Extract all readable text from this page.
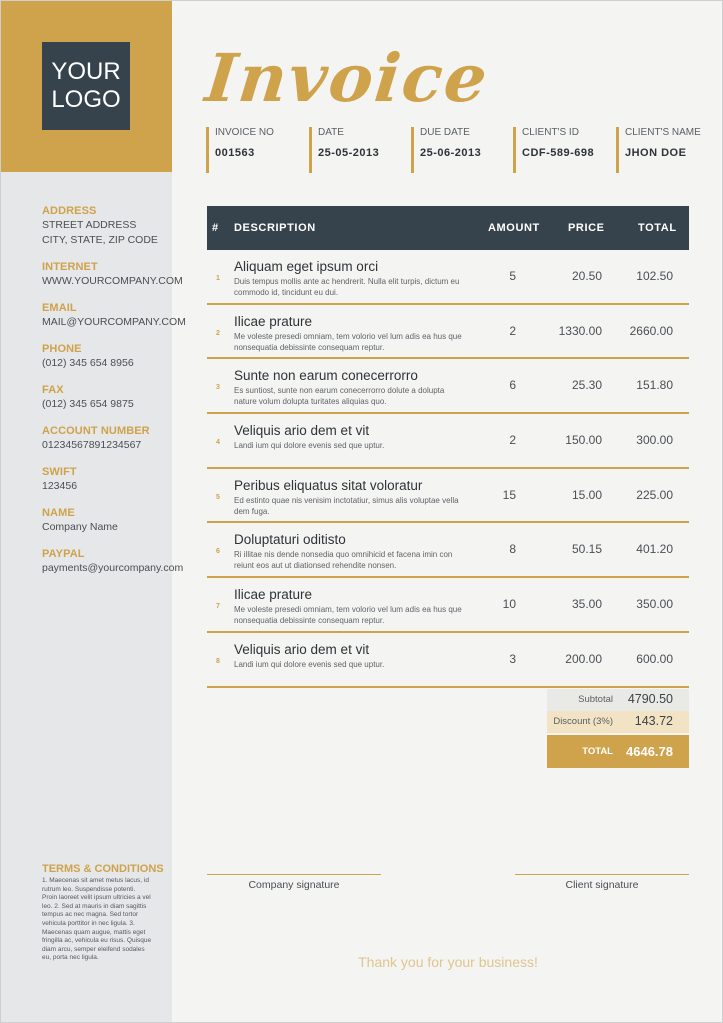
YOUR
LOGO
ADDRESS
STREET ADDRESS
CITY, STATE, ZIP CODE
INTERNET
WWW.YOURCOMPANY.COM
EMAIL
MAIL@YOURCOMPANY.COM
PHONE
(012) 345 654 8956
FAX
(012) 345 654 9875
ACCOUNT NUMBER
0123456789123456​7
SWIFT
123456
NAME
Company Name
PAYPAL
payments@yourcompany.com
TERMS & CONDITIONS
1. Maecenas sit amet metus lacus, id rutrum leo. Suspendisse potenti. Proin laoreet velit ipsum ultricies a vel leo. 2. Sed at mauris in diam sagittis tempus ac nec magna. Sed tortor vehicula porttitor in nec ligula. 3. Maecenas quam augue, mattis eget fringilla ac, vehicula eu risus. Quisque diam arcu, semper eleifend sodales eu, porta nec ligula.
Invoice
INVOICE NO
001563
DATE
25-05-2013
DUE DATE
25-06-2013
CLIENT'S ID
CDF-589-698
CLIENT'S NAME
JHON DOE
# DESCRIPTION	AMOUNT	PRICE	TOTAL
1
Aliquam eget ipsum orci
Duis tempus mollis ante ac hendrerit. Nulla elit turpis, dictum eu commodo id, tincidunt eu dui.
5	20.50	102.50
2
Ilicae prature
Me voleste presedi omniam, tem volorio vel lum adis ea hus que nonsequatia debissinte consequam reptur.
2	1330.00	2660.00
3
Sunte non earum conecerrorro
Es suntiost, sunte non earum conecerrorro dolute a dolupta nature volum dolupta turitates aliquias quo.
6	25.30	151.80
4
Veliquis ario dem et vit
Landi ium qui dolore evenis sed que uptur.	2	150.00	300.00
5
Peribus eliquatus sitat voloratur
Ed estinto quae nis venisim inctotatiur, simus alis voluptae vella dem fuga.
15	15.00	225.00
6
Doluptaturi oditisto
Ri illitae nis dende nonsedia quo omnihicid et facena imin con reiunt eos aut ut diationsed rehendite nonsen.
8	50.15	401.20
7
Ilicae prature
Me voleste presedi omniam, tem volorio vel lum adis ea hus que nonsequatia debissinte consequam reptur.
10	35.00	350.00
8
Veliquis ario dem et vit
Landi ium qui dolore evenis sed que uptur.	3	200.00	600.00
Subtotal 4790.50
Discount (3%) 143.72
TOTAL 4646.78
Company signature	Client signature
Thank you for your business!
